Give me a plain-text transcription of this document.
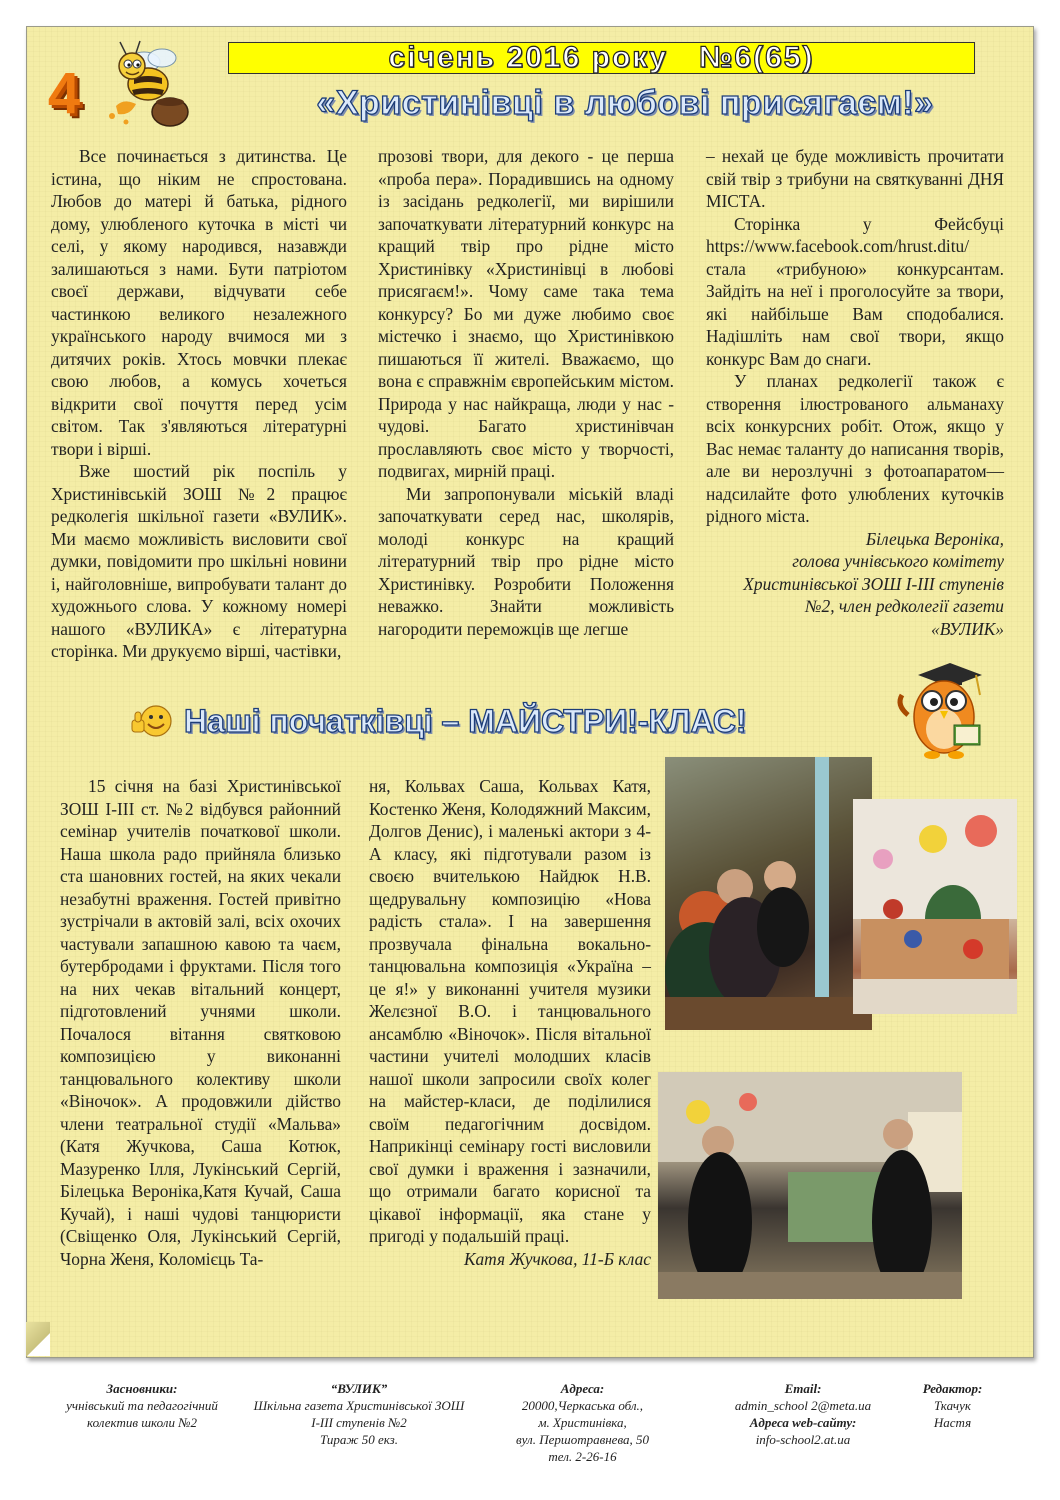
4
січень 2016 року   №6(65)
«Христинівці в любові присягаєм!»

Все починається з дитинства. Це істина, що ніким не спростована. Любов до матері й батька, рідного дому, улюбленого куточка в місті чи селі, у якому народився, назавжди залишаються з нами. Бути патріотом своєї держави, відчувати себе частинкою великого незалежного українського народу вчимося ми з дитячих років. Хтось мовчки плекає свою любов, а комусь хочеться відкрити свої почуття перед усім світом. Так з'являються літературні твори і вірші.

Вже шостий рік поспіль у Христинівській ЗОШ №2 працює редколегія шкільної газети «ВУЛИК». Ми маємо можливість висловити свої думки, повідомити про шкільні новини і, найголовніше, випробувати талант до художнього слова. У кожному номері нашого «ВУЛИКА» є літературна сторінка. Ми друкуємо вірші, частівки,

прозові твори, для декого - це перша «проба пера». Порадившись на одному із засідань редколегії, ми вирішили започаткувати літературний конкурс на кращий твір про рідне місто Христинівку «Христинівці в любові присягаєм!». Чому саме така тема конкурсу? Бо ми дуже любимо своє містечко і знаємо, що Христинівкою пишаються її жителі. Вважаємо, що вона є справжнім європейським містом. Природа у нас найкраща, люди у нас - чудові. Багато христинівчан прославляють своє місто у творчості, подвигах, мирній праці.

Ми запропонували міській владі започаткувати серед нас, школярів, молоді конкурс на кращий літературний твір про рідне місто Христинівку. Розробити Положення неважко. Знайти можливість нагородити переможців ще легше

– нехай це буде можливість прочитати свій твір з трибуни на святкуванні ДНЯ МІСТА.

Сторінка у Фейсбуці https://www.facebook.com/hrust.ditu/ стала «трибуною» конкурсантам. Зайдіть на неї і проголосуйте за твори, які найбільше Вам сподобалися. Надішліть нам свої твори, якщо конкурс Вам до снаги.

У планах редколегії також є створення ілюстрованого альманаху всіх конкурсних робіт. Отож, якщо у Вас немає таланту до написання творів, але ви нерозлучні з фотоапаратом—надсилайте фото улюблених куточків рідного міста.

Білецька Вероніка,
голова учнівського комітету
Христинівської ЗОШ І-ІІІ ступенів
№2, член редколегії газети
«ВУЛИК»
Наші початківці – МАЙСТРИ!-КЛАС!

15 січня на базі Христинівської ЗОШ І-ІІІ ст. №2 відбувся районний семінар учителів початкової школи. Наша школа радо прийняла близько ста шановних гостей, на яких чекали незабутні враження. Гостей привітно зустрічали в актовій залі, всіх охочих частували запашною кавою та чаєм, бутербродами і фруктами. Після того на них чекав вітальний концерт, підготовлений учнями школи. Почалося вітання святковою композицією у виконанні танцювального колективу школи «Віночок». А продовжили дійство члени театральної студії «Мальва» (Катя Жучкова, Саша Котюк, Мазуренко Ілля, Лукінський Сергій, Білецька Вероніка,Катя Кучай, Саша Кучай), і наші чудові танцюристи (Свіщенко Оля, Лукінський Сергій, Чорна Женя, Коломієць Та-

ня, Кольвах Саша, Кольвах Катя, Костенко Женя, Колодяжний Максим, Долгов Денис), і маленькі актори з 4-А класу, які підготували разом із своєю вчителькою Найдюк Н.В. щедрувальну композицію «Нова радість стала». І на завершення прозвучала фінальна вокально-танцювальна композиція «Україна – це я!» у виконанні учителя музики Желєзної В.О. і танцювального ансамблю «Віночок». Після вітальної частини учителі молодших класів нашої школи запросили своїх колег на майстер-класи, де поділилися своїм педагогічним досвідом. Наприкінці семінару гості висловили свої думки і враження і зазначили, що отримали багато корисної та цікавої інформації, яка стане у пригоді у подальшій праці.

Катя Жучкова, 11-Б клас
Засновники:
учнівський та педагогічний
колектив школи №2
“ВУЛИК”
Шкільна газета Христинівської ЗОШ
І-ІІІ ступенів №2
Тираж 50 екз.
Адреса:
20000,Черкаська обл.,
м. Христинівка,
вул. Першотравнева, 50
тел. 2-26-16
Email:
admin_school 2@meta.ua
Адреса web-сайту:
info-school2.at.ua
Редактор:
Ткачук
Настя
